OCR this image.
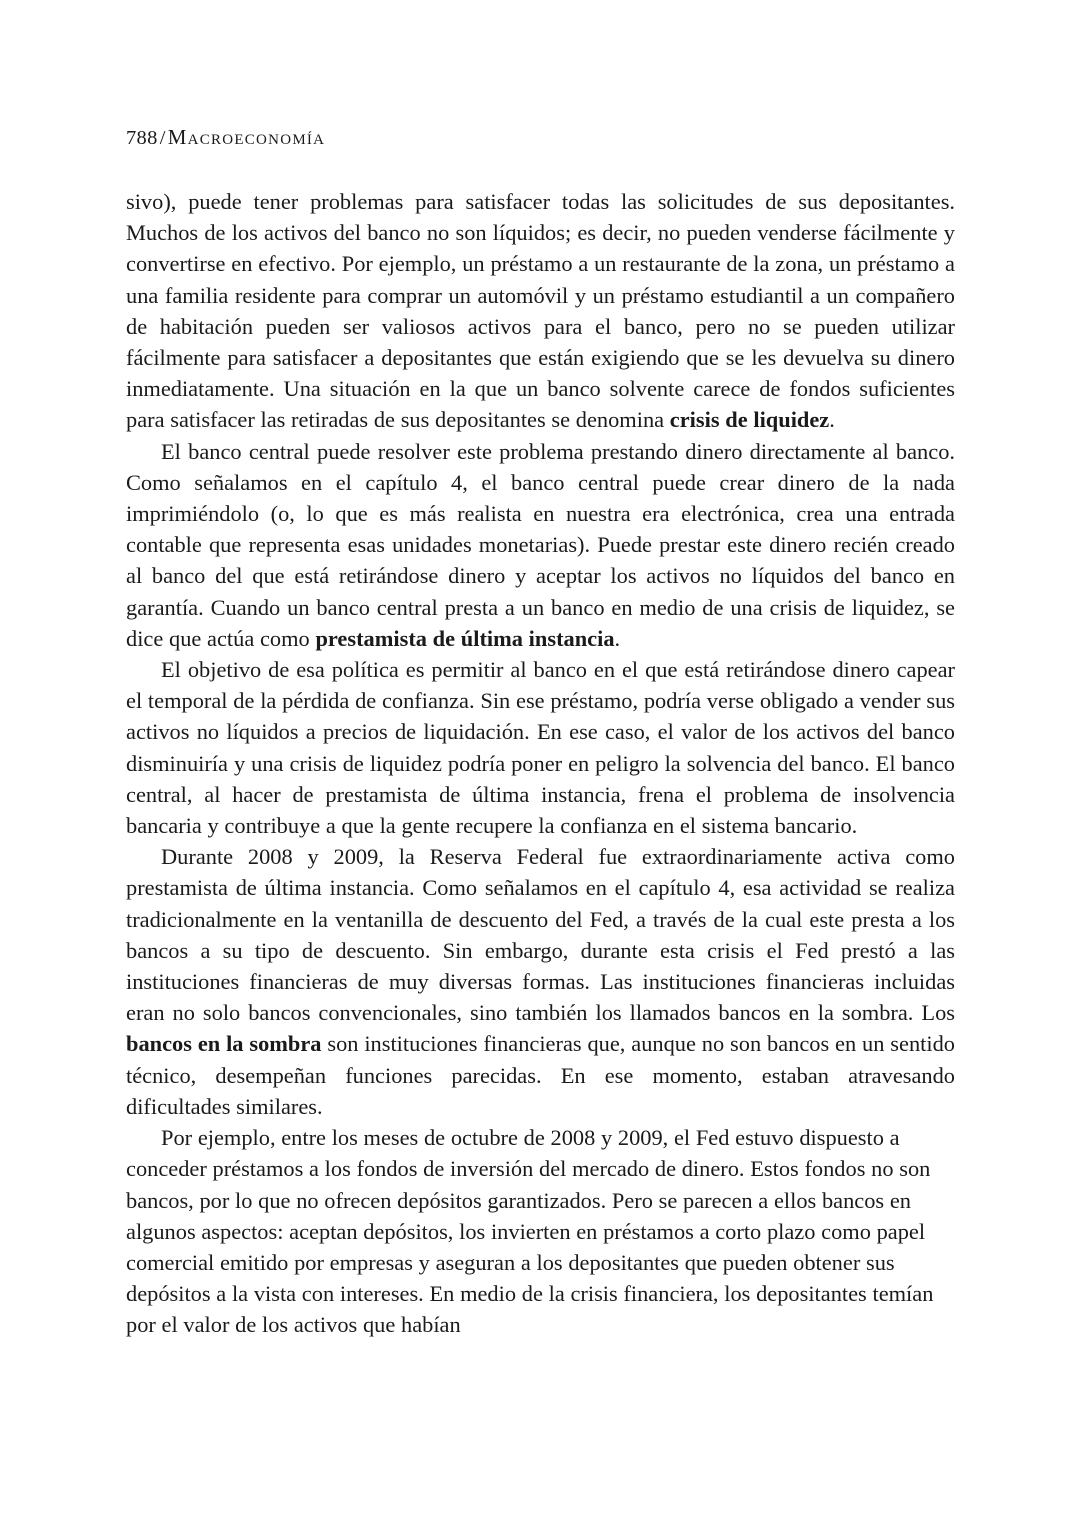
788/Macroeconomía

sivo), puede tener problemas para satisfacer todas las solicitudes de sus depositantes. Muchos de los activos del banco no son líquidos; es decir, no pueden venderse fácilmente y convertirse en efectivo. Por ejemplo, un préstamo a un restaurante de la zona, un préstamo a una familia residente para comprar un automóvil y un préstamo estudiantil a un compañero de habitación pueden ser valiosos activos para el banco, pero no se pueden utilizar fácilmente para satisfacer a depositantes que están exigiendo que se les devuelva su dinero inmediatamente. Una situación en la que un banco solvente carece de fondos suficientes para satisfacer las retiradas de sus depositantes se denomina crisis de liquidez.

El banco central puede resolver este problema prestando dinero directamente al banco. Como señalamos en el capítulo 4, el banco central puede crear dinero de la nada imprimiéndolo (o, lo que es más realista en nuestra era electrónica, crea una entrada contable que representa esas unidades monetarias). Puede prestar este dinero recién creado al banco del que está retirándose dinero y aceptar los activos no líquidos del banco en garantía. Cuando un banco central presta a un banco en medio de una crisis de liquidez, se dice que actúa como prestamista de última instancia.

El objetivo de esa política es permitir al banco en el que está retirándose dinero capear el temporal de la pérdida de confianza. Sin ese préstamo, podría verse obligado a vender sus activos no líquidos a precios de liquidación. En ese caso, el valor de los activos del banco disminuiría y una crisis de liquidez podría poner en peligro la solvencia del banco. El banco central, al hacer de prestamista de última instancia, frena el problema de insolvencia bancaria y contribuye a que la gente recupere la confianza en el sistema bancario.

Durante 2008 y 2009, la Reserva Federal fue extraordinariamente activa como prestamista de última instancia. Como señalamos en el capítulo 4, esa actividad se realiza tradicionalmente en la ventanilla de descuento del Fed, a través de la cual este presta a los bancos a su tipo de descuento. Sin embargo, durante esta crisis el Fed prestó a las instituciones financieras de muy diversas formas. Las instituciones financieras incluidas eran no solo bancos convencionales, sino también los llamados bancos en la sombra. Los bancos en la sombra son instituciones financieras que, aunque no son bancos en un sentido técnico, desempeñan funciones parecidas. En ese momento, estaban atravesando dificultades similares.

Por ejemplo, entre los meses de octubre de 2008 y 2009, el Fed estuvo dispuesto a conceder préstamos a los fondos de inversión del mercado de dinero. Estos fondos no son bancos, por lo que no ofrecen depósitos garantizados. Pero se parecen a ellos bancos en algunos aspectos: aceptan depósitos, los invierten en préstamos a corto plazo como papel comercial emitido por empresas y aseguran a los depositantes que pueden obtener sus depósitos a la vista con intereses. En medio de la crisis financiera, los depositantes temían por el valor de los activos que habían
